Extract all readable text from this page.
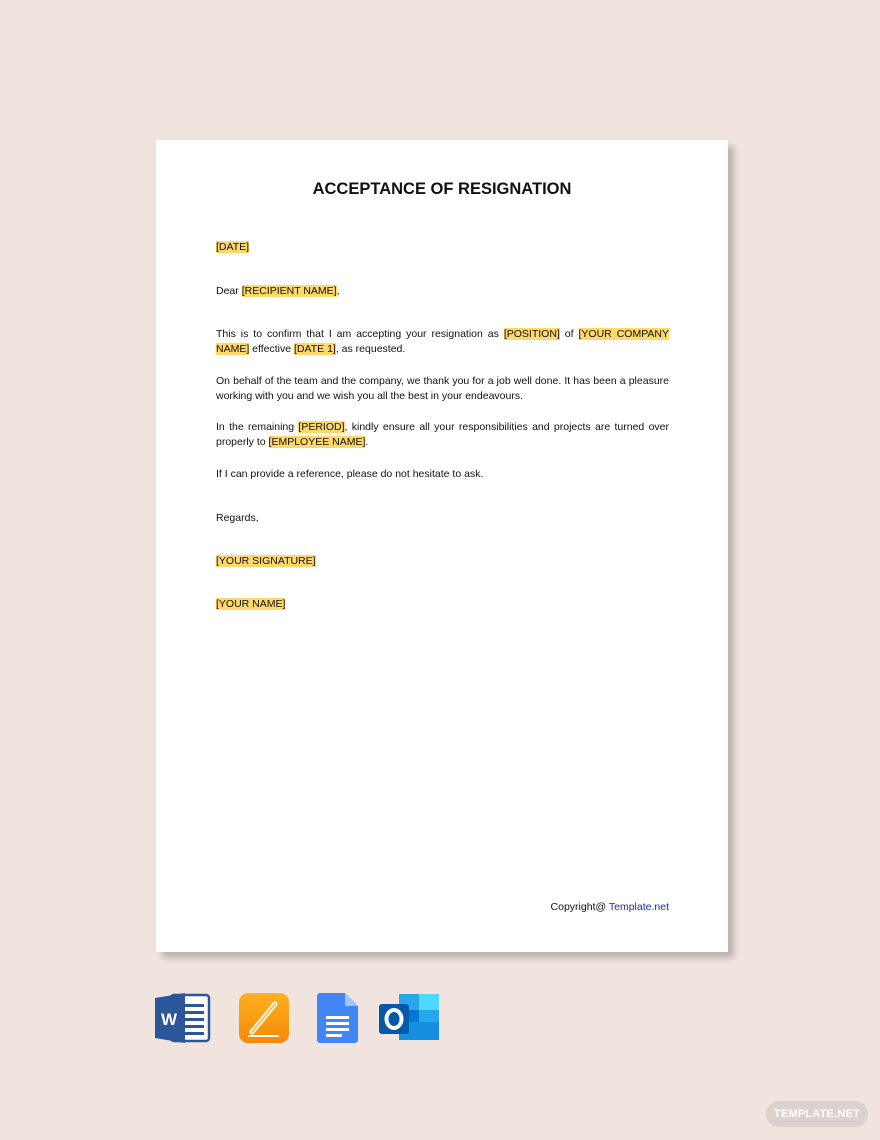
ACCEPTANCE OF RESIGNATION
[DATE]
Dear [RECIPIENT NAME],
This is to confirm that I am accepting your resignation as [POSITION] of [YOUR COMPANY NAME] effective [DATE 1], as requested.
On behalf of the team and the company, we thank you for a job well done. It has been a pleasure working with you and we wish you all the best in your endeavours.
In the remaining [PERIOD], kindly ensure all your responsibilities and projects are turned over properly to [EMPLOYEE NAME].
If I can provide a reference, please do not hesitate to ask.
Regards,
[YOUR SIGNATURE]
[YOUR NAME]
Copyright@ Template.net
W
TEMPLATE.NET
